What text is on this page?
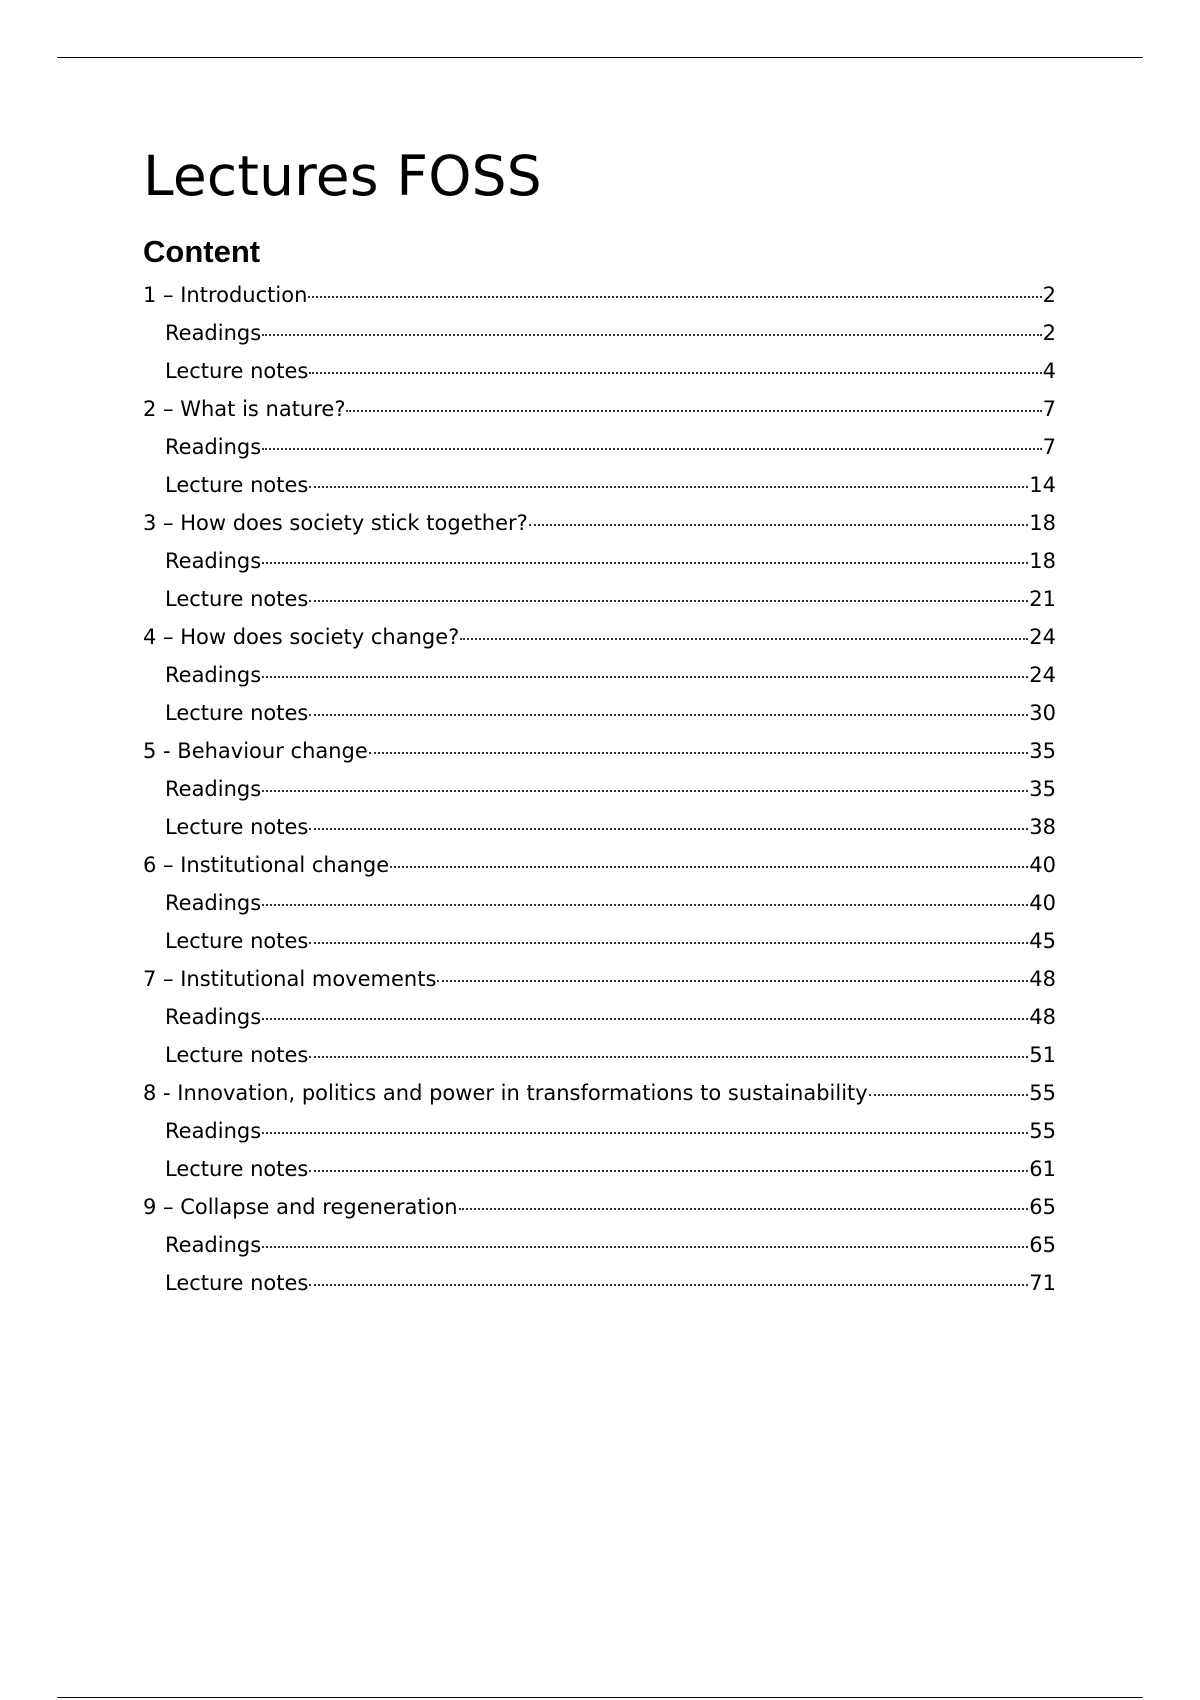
Lectures FOSS
Content
1 – Introduction	2
Readings	2
Lecture notes	4
2 – What is nature?	7
Readings	7
Lecture notes	14
3 – How does society stick together?	18
Readings	18
Lecture notes	21
4 – How does society change?	24
Readings	24
Lecture notes	30
5 - Behaviour change	35
Readings	35
Lecture notes	38
6 – Institutional change	40
Readings	40
Lecture notes	45
7 – Institutional movements	48
Readings	48
Lecture notes	51
8 - Innovation, politics and power in transformations to sustainability	55
Readings	55
Lecture notes	61
9 – Collapse and regeneration	65
Readings	65
Lecture notes	71
